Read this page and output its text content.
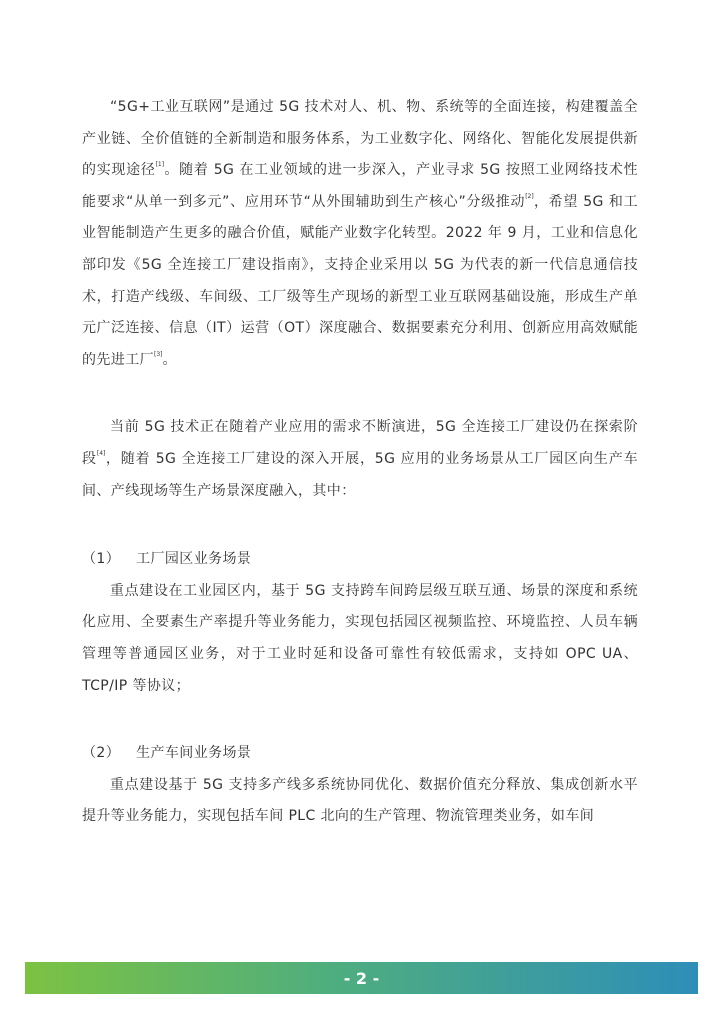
“5G+工业互联网”是通过 5G 技术对人、机、物、系统等的全面连接，构建覆盖全产业链、全价值链的全新制造和服务体系，为工业数字化、网络化、智能化发展提供新的实现途径[1]。随着 5G 在工业领域的进一步深入，产业寻求 5G 按照工业网络技术性能要求“从单一到多元”、应用环节“从外围辅助到生产核心”分级推动[2]，希望 5G 和工业智能制造产生更多的融合价值，赋能产业数字化转型。2022 年 9 月，工业和信息化部印发《5G 全连接工厂建设指南》，支持企业采用以 5G 为代表的新一代信息通信技术，打造产线级、车间级、工厂级等生产现场的新型工业互联网基础设施，形成生产单元广泛连接、信息（IT）运营（OT）深度融合、数据要素充分利用、创新应用高效赋能的先进工厂[3]。

当前 5G 技术正在随着产业应用的需求不断演进，5G 全连接工厂建设仍在探索阶段[4]，随着 5G 全连接工厂建设的深入开展，5G 应用的业务场景从工厂园区向生产车间、产线现场等生产场景深度融入，其中：

（1） 工厂园区业务场景

重点建设在工业园区内，基于 5G 支持跨车间跨层级互联互通、场景的深度和系统化应用、全要素生产率提升等业务能力，实现包括园区视频监控、环境监控、人员车辆管理等普通园区业务，对于工业时延和设备可靠性有较低需求，支持如 OPC UA、TCP/IP 等协议；

（2） 生产车间业务场景

重点建设基于 5G 支持多产线多系统协同优化、数据价值充分释放、集成创新水平提升等业务能力，实现包括车间 PLC 北向的生产管理、物流管理类业务，如车间

- 2 -
